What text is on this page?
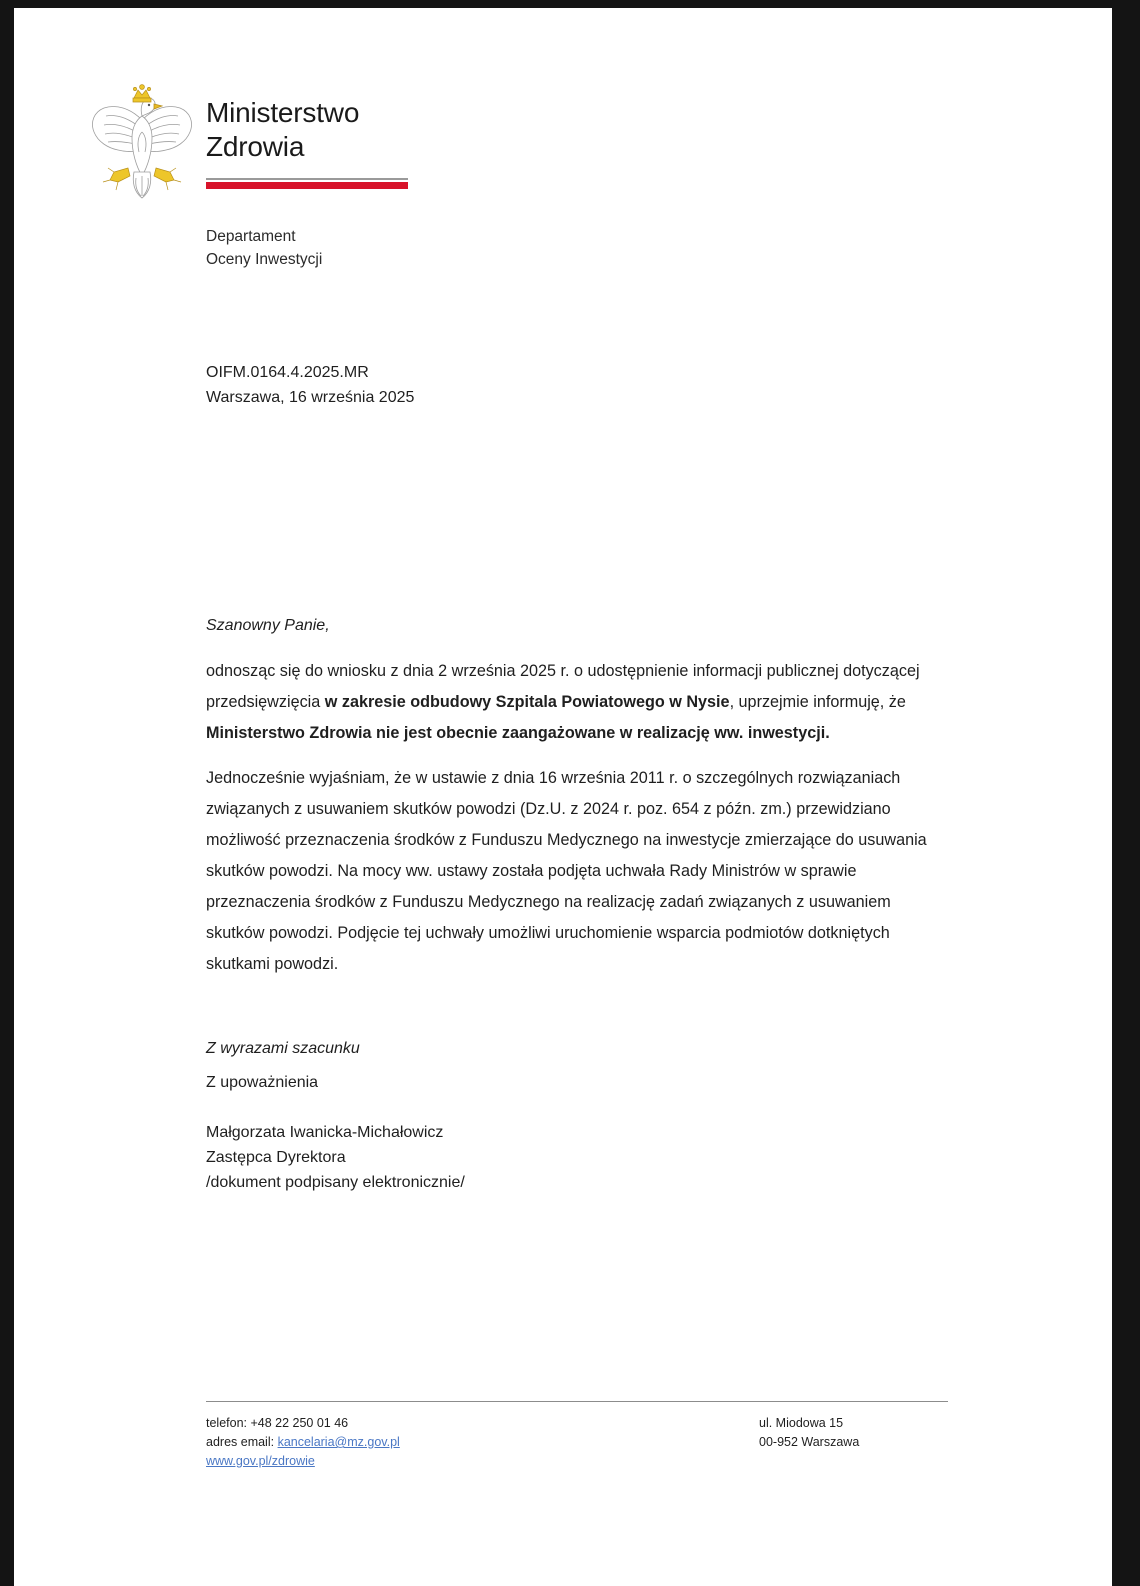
Ministerstwo
Zdrowia
Departament
Oceny Inwestycji
OIFM.0164.4.2025.MR
Warszawa, 16 września 2025
Szanowny Panie,

odnosząc się do wniosku z dnia 2 września 2025 r. o udostępnienie informacji publicznej dotyczącej przedsięwzięcia w zakresie odbudowy Szpitala Powiatowego w Nysie, uprzejmie informuję, że Ministerstwo Zdrowia nie jest obecnie zaangażowane w realizację ww. inwestycji.

Jednocześnie wyjaśniam, że w ustawie z dnia 16 września 2011 r. o szczególnych rozwiązaniach związanych z usuwaniem skutków powodzi (Dz.U. z 2024 r. poz. 654 z późn. zm.) przewidziano możliwość przeznaczenia środków z Funduszu Medycznego na inwestycje zmierzające do usuwania skutków powodzi. Na mocy ww. ustawy została podjęta uchwała Rady Ministrów w sprawie przeznaczenia środków z Funduszu Medycznego na realizację zadań związanych z usuwaniem skutków powodzi. Podjęcie tej uchwały umożliwi uruchomienie wsparcia podmiotów dotkniętych skutkami powodzi.

Z wyrazami szacunku
Z upoważnienia
Małgorzata Iwanicka-Michałowicz
Zastępca Dyrektora
/dokument podpisany elektronicznie/
telefon: +48 22 250 01 46
adres email: kancelaria@mz.gov.pl
www.gov.pl/zdrowie
ul. Miodowa 15
00-952 Warszawa
